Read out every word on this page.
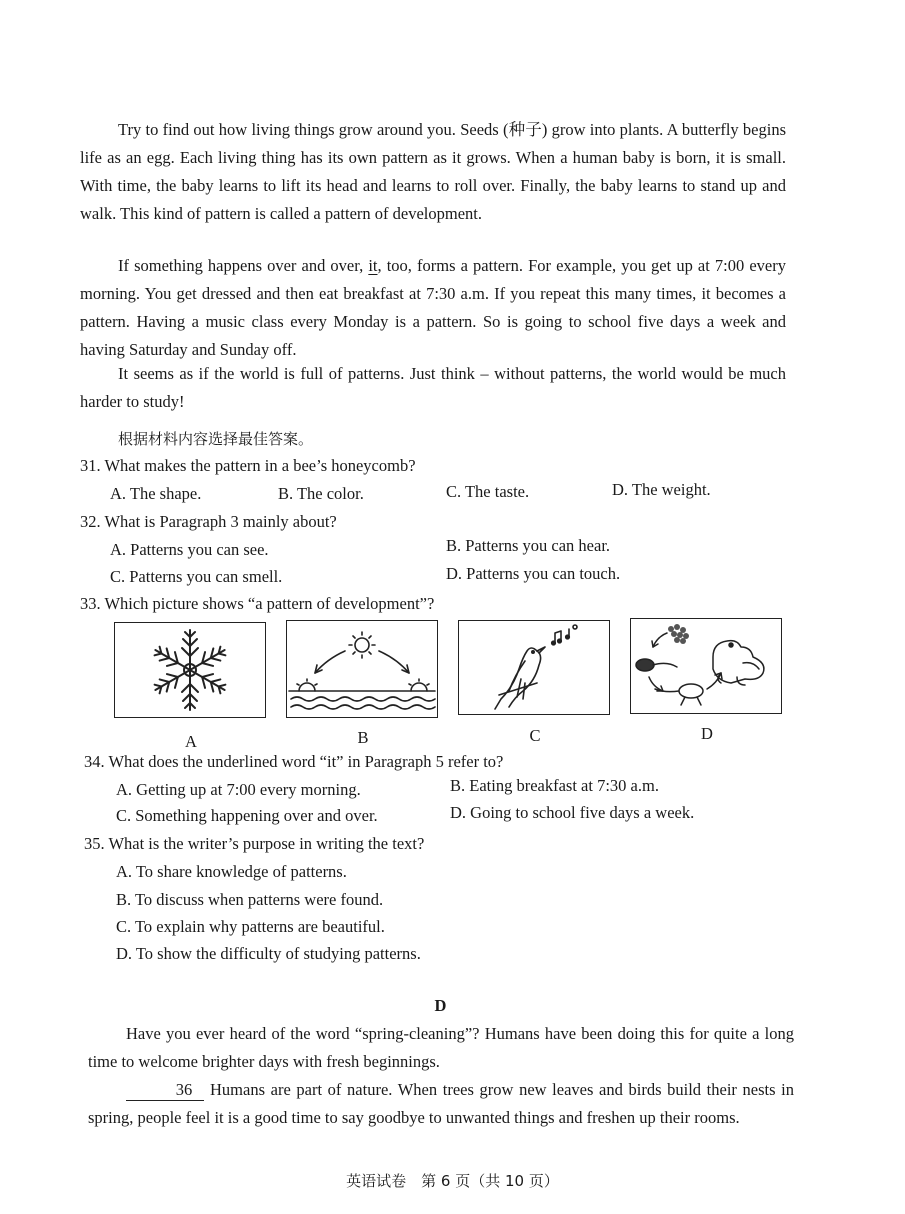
Try to find out how living things grow around you. Seeds (种子) grow into plants. A butterfly begins life as an egg. Each living thing has its own pattern as it grows. When a human baby is born, it is small. With time, the baby learns to lift its head and learns to roll over. Finally, the baby learns to stand up and walk. This kind of pattern is called a pattern of development.

If something happens over and over, it, too, forms a pattern. For example, you get up at 7:00 every morning. You get dressed and then eat breakfast at 7:30 a.m. If you repeat this many times, it becomes a pattern. Having a music class every Monday is a pattern. So is going to school five days a week and having Saturday and Sunday off.

It seems as if the world is full of patterns. Just think – without patterns, the world would be much harder to study!

根据材料内容选择最佳答案。
31. What makes the pattern in a bee’s honeycomb?
A. The shape.	B. The color.	C. The taste.	D. The weight.
32. What is Paragraph 3 mainly about?
A. Patterns you can see.	B. Patterns you can hear.
C. Patterns you can smell.	D. Patterns you can touch.
33. Which picture shows “a pattern of development”?
A	B	C	D
34. What does the underlined word “it” in Paragraph 5 refer to?
A. Getting up at 7:00 every morning.	B. Eating breakfast at 7:30 a.m.
C. Something happening over and over.	D. Going to school five days a week.
35. What is the writer’s purpose in writing the text?
A. To share knowledge of patterns.
B. To discuss when patterns were found.
C. To explain why patterns are beautiful.
D. To show the difficulty of studying patterns.
D

Have you ever heard of the word “spring-cleaning”? Humans have been doing this for quite a long time to welcome brighter days with fresh beginnings.

36 Humans are part of nature. When trees grow new leaves and birds build their nests in spring, people feel it is a good time to say goodbye to unwanted things and freshen up their rooms.

英语试卷　第 6 页（共 10 页）
